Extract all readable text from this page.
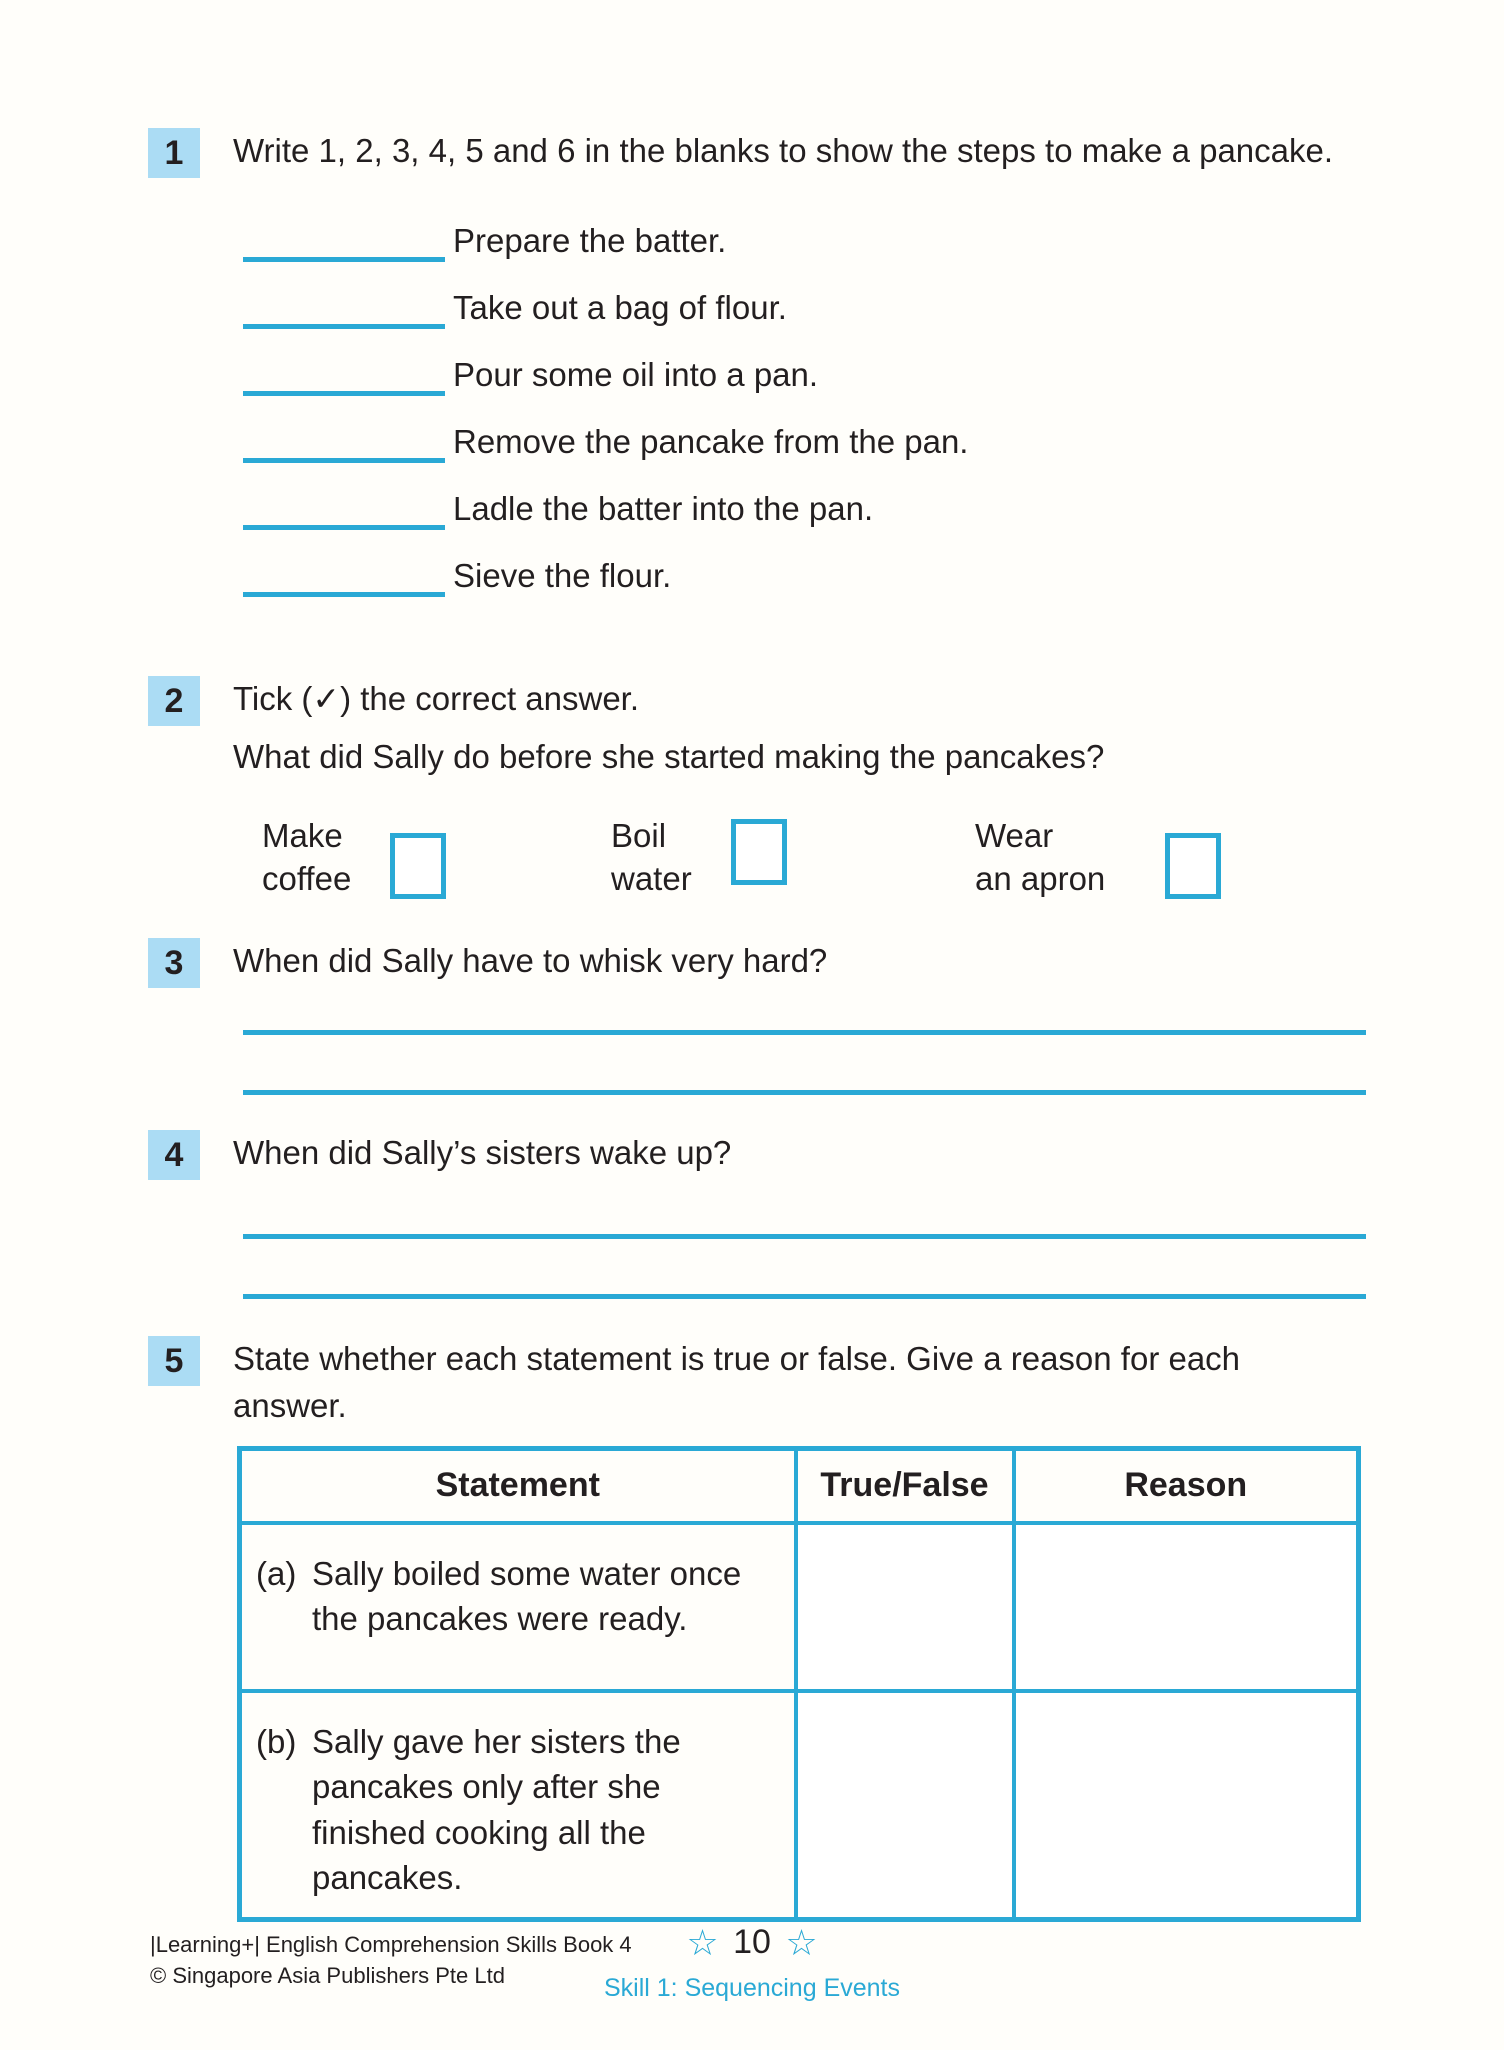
1	Write 1, 2, 3, 4, 5 and 6 in the blanks to show the steps to make a pancake.
Prepare the batter.
Take out a bag of flour.
Pour some oil into a pan.
Remove the pancake from the pan.
Ladle the batter into the pan.
Sieve the flour.
2	Tick (✓) the correct answer.
What did Sally do before she started making the pancakes?
Make
coffee
Boil
water
Wear
an apron
3	When did Sally have to whisk very hard?
4	When did Sally’s sisters wake up?
5	State whether each statement is true or false. Give a reason for each answer.
Statement	True/False	Reason

(a) Sally boiled some water once the pancakes were ready.		

(b) Sally gave her sisters the pancakes only after she finished cooking all the pancakes.		

|Learning+| English Comprehension Skills Book 4
© Singapore Asia Publishers Pte Ltd
☆ 10 ☆
Skill 1: Sequencing Events
